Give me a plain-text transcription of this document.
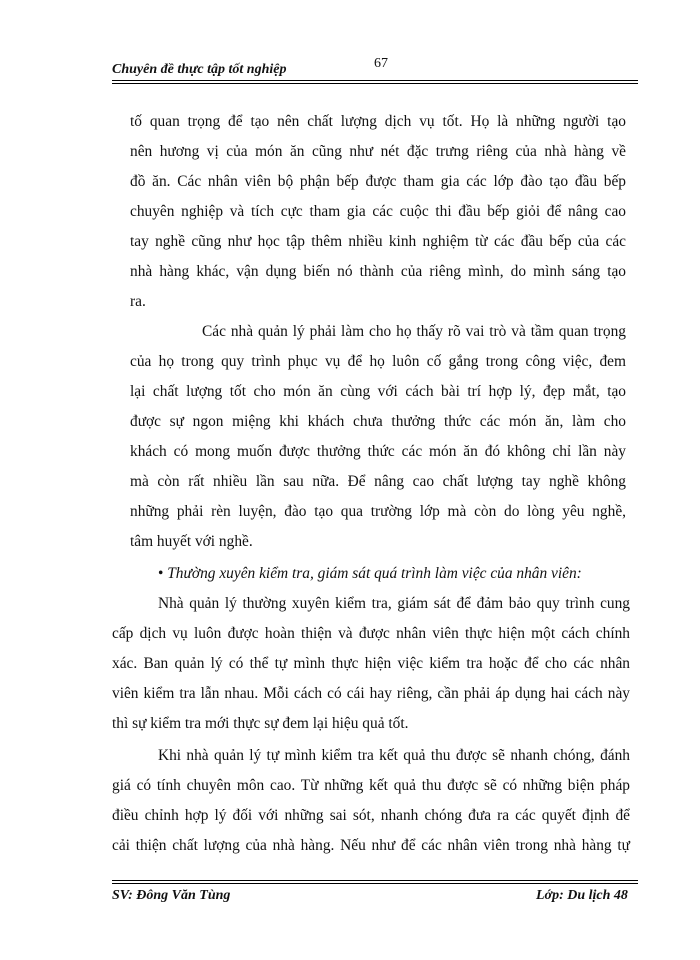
Chuyên đề thực tập tốt nghiệp	67
tố quan trọng để tạo nên chất lượng dịch vụ tốt. Họ là những người tạo
nên hương vị của món ăn cũng như nét đặc trưng riêng của nhà hàng về
đồ ăn. Các nhân viên bộ phận bếp được tham gia các lớp đào tạo đầu bếp
chuyên nghiệp và tích cực tham gia các cuộc thi đầu bếp giỏi để nâng cao
tay nghề cũng như học tập thêm nhiều kinh nghiệm từ các đầu bếp của các
nhà hàng khác, vận dụng biến nó thành của riêng mình, do mình sáng tạo
ra.
Các nhà quản lý phải làm cho họ thấy rõ vai trò và tầm quan trọng
của họ trong quy trình phục vụ để họ luôn cố gắng trong công việc, đem
lại chất lượng tốt cho món ăn cùng với cách bài trí hợp lý, đẹp mắt, tạo
được sự ngon miệng khi khách chưa thưởng thức các món ăn, làm cho
khách có mong muốn được thưởng thức các món ăn đó không chỉ lần này
mà còn rất nhiều lần sau nữa. Để nâng cao chất lượng tay nghề không
những phải rèn luyện, đào tạo qua trường lớp mà còn do lòng yêu nghề,
tâm huyết với nghề.
• Thường xuyên kiểm tra, giám sát quá trình làm việc của nhân viên:
Nhà quản lý thường xuyên kiểm tra, giám sát để đảm bảo quy trình cung
cấp dịch vụ luôn được hoàn thiện và được nhân viên thực hiện một cách chính
xác. Ban quản lý có thể tự mình thực hiện việc kiểm tra hoặc để cho các nhân
viên kiểm tra lẫn nhau. Mỗi cách có cái hay riêng, cần phải áp dụng hai cách này
thì sự kiểm tra mới thực sự đem lại hiệu quả tốt.
Khi nhà quản lý tự mình kiểm tra kết quả thu được sẽ nhanh chóng, đánh
giá có tính chuyên môn cao. Từ những kết quả thu được sẽ có những biện pháp
điều chỉnh hợp lý đối với những sai sót, nhanh chóng đưa ra các quyết định để
cải thiện chất lượng của nhà hàng. Nếu như để các nhân viên trong nhà hàng tự
SV: Đông Văn Tùng	Lớp: Du lịch 48
